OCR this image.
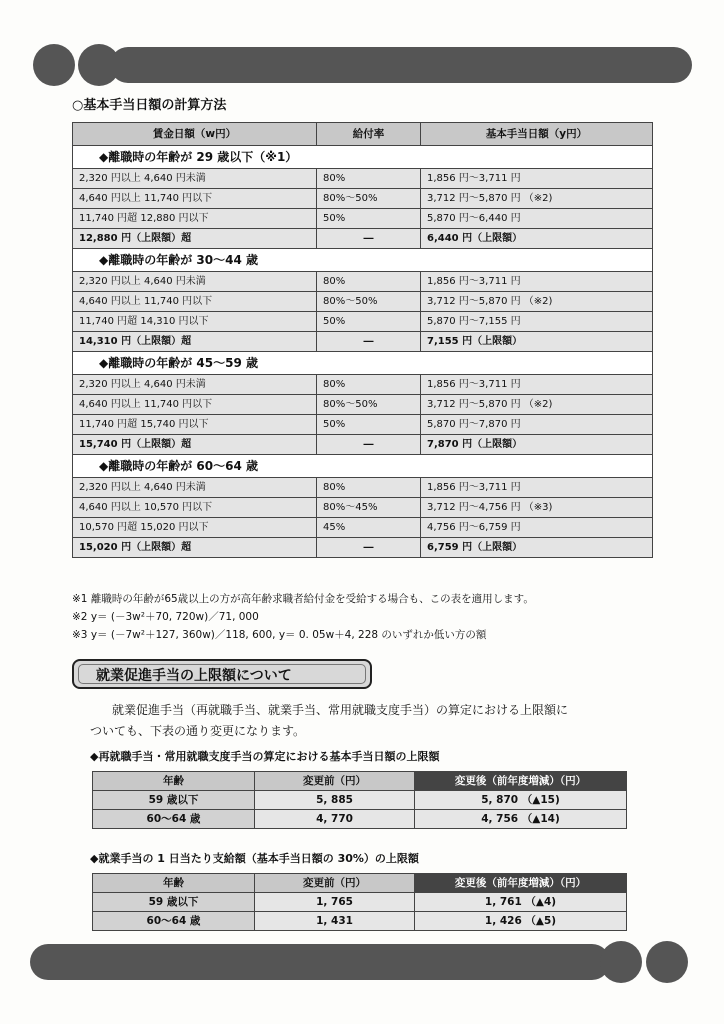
○基本手当日額の計算方法
賃金日額（w円）	給付率	基本手当日額（y円）
◆離職時の年齢が 29 歳以下（※1）		
2,320 円以上 4,640 円未満	80%	1,856 円～3,711 円
4,640 円以上 11,740 円以下	80%～50%	3,712 円～5,870 円 （※2)
11,740 円超 12,880 円以下	50%	5,870 円～6,440 円
12,880 円（上限額）超	―	6,440 円（上限額）
◆離職時の年齢が 30～44 歳		
2,320 円以上 4,640 円未満	80%	1,856 円～3,711 円
4,640 円以上 11,740 円以下	80%～50%	3,712 円～5,870 円 （※2)
11,740 円超 14,310 円以下	50%	5,870 円～7,155 円
14,310 円（上限額）超	―	7,155 円（上限額）
◆離職時の年齢が 45～59 歳		
2,320 円以上 4,640 円未満	80%	1,856 円～3,711 円
4,640 円以上 11,740 円以下	80%～50%	3,712 円～5,870 円 （※2)
11,740 円超 15,740 円以下	50%	5,870 円～7,870 円
15,740 円（上限額）超	―	7,870 円（上限額）
◆離職時の年齢が 60～64 歳		
2,320 円以上 4,640 円未満	80%	1,856 円～3,711 円
4,640 円以上 10,570 円以下	80%～45%	3,712 円～4,756 円 （※3)
10,570 円超 15,020 円以下	45%	4,756 円～6,759 円
15,020 円（上限額）超	―	6,759 円（上限額）
※1 離職時の年齢が65歳以上の方が高年齢求職者給付金を受給する場合も、この表を適用します。
※2 y＝ (－3w²＋70, 720w)／71, 000
※3 y＝ (－7w²＋127, 360w)／118, 600, y＝ 0. 05w＋4, 228 のいずれか低い方の額
就業促進手当の上限額について
就業促進手当（再就職手当、就業手当、常用就職支度手当）の算定における上限額に
ついても、下表の通り変更になります。
◆再就職手当・常用就職支度手当の算定における基本手当日額の上限額
年齢	変更前（円）	変更後（前年度増減）（円）
59 歳以下	5, 885	5, 870 （▲15)
60～64 歳	4, 770	4, 756 （▲14)
◆就業手当の 1 日当たり支給額（基本手当日額の 30%）の上限額
年齢	変更前（円）	変更後（前年度増減）（円）
59 歳以下	1, 765	1, 761 （▲4)
60～64 歳	1, 431	1, 426 （▲5)
